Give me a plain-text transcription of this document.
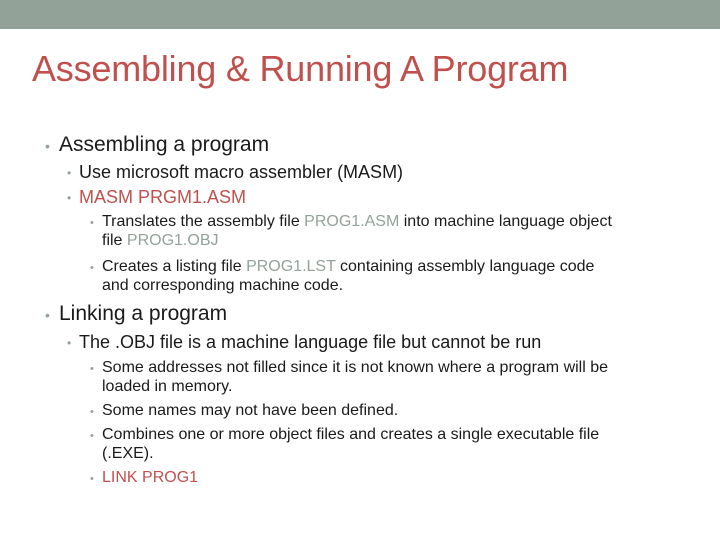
Assembling & Running A Program
• Assembling a program
• Use microsoft macro assembler (MASM)
• MASM PRGM1.ASM
• Translates the assembly file PROG1.ASM into machine language object
file PROG1.OBJ
• Creates a listing file PROG1.LST containing assembly language code
and corresponding machine code.
• Linking a program
• The .OBJ file is a machine language file but cannot be run
• Some addresses not filled since it is not known where a program will be
loaded in memory.
• Some names may not have been defined.
• Combines one or more object files and creates a single executable file
(.EXE).
• LINK PROG1
